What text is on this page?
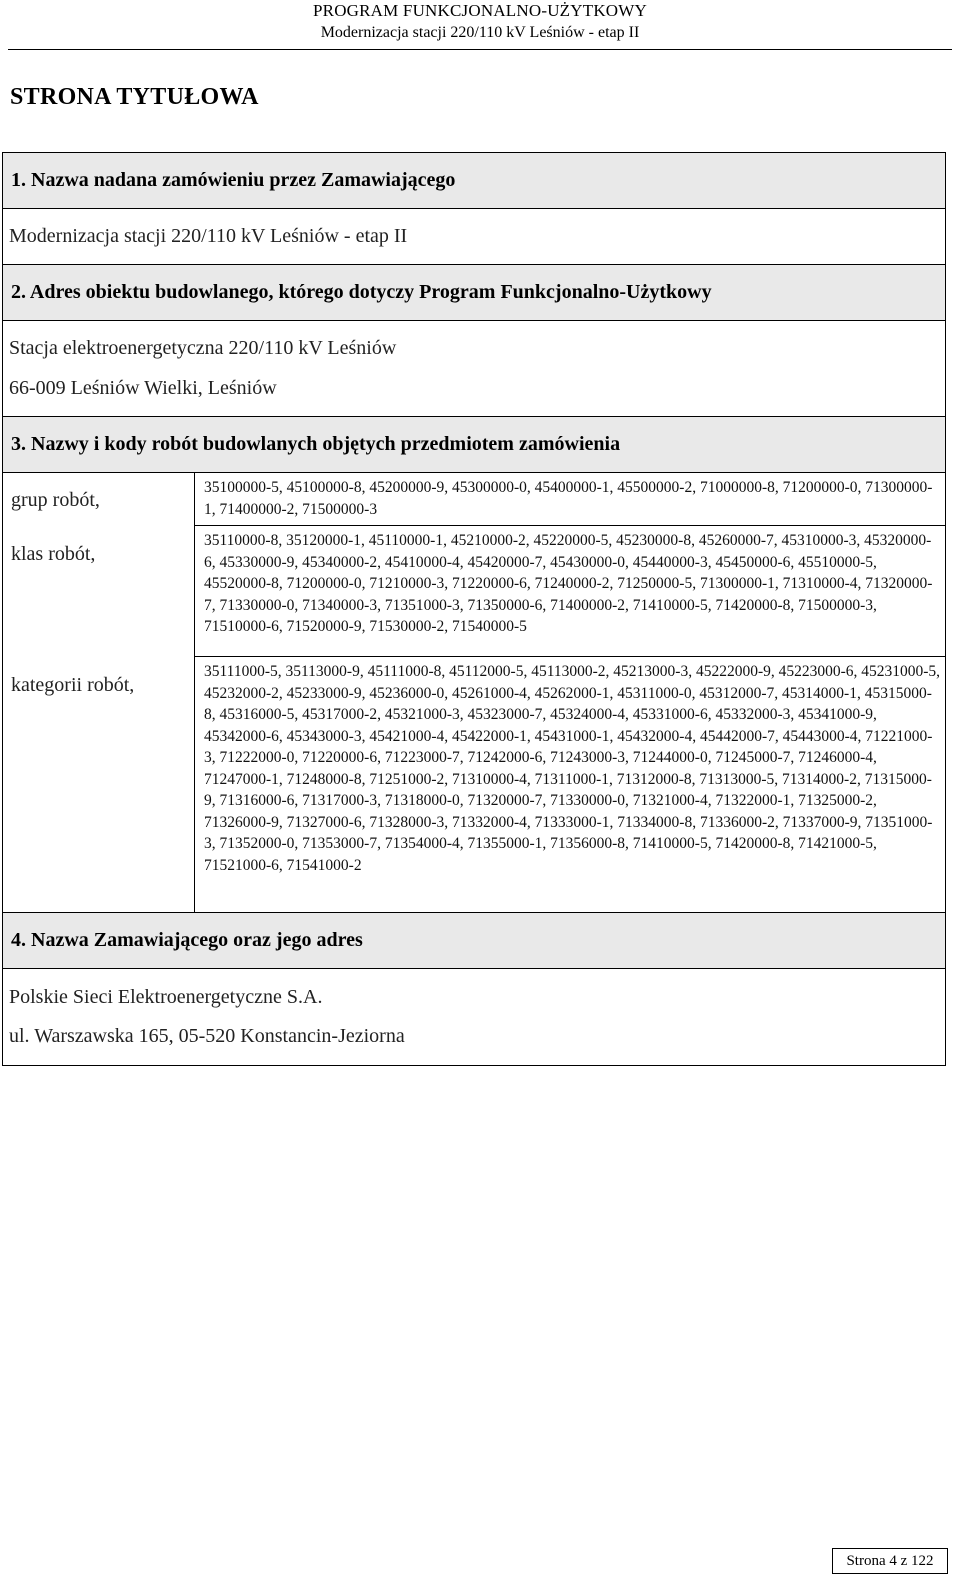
PROGRAM FUNKCJONALNO-UŻYTKOWY
Modernizacja stacji 220/110 kV Leśniów - etap II
STRONA TYTUŁOWA
1. Nazwa nadana zamówieniu przez Zamawiającego
Modernizacja stacji 220/110 kV Leśniów - etap II
2. Adres obiektu budowlanego, którego dotyczy Program Funkcjonalno-Użytkowy
Stacja elektroenergetyczna 220/110 kV Leśniów
66-009 Leśniów Wielki, Leśniów
3. Nazwy i kody robót budowlanych objętych przedmiotem zamówienia
grup robót,
klas robót,
kategorii robót,
35100000-5, 45100000-8, 45200000-9, 45300000-0, 45400000-1, 45500000-2, 71000000-8, 71200000-0, 71300000-1, 71400000-2, 71500000-3
35110000-8, 35120000-1, 45110000-1, 45210000-2, 45220000-5, 45230000-8, 45260000-7, 45310000-3, 45320000-6, 45330000-9, 45340000-2, 45410000-4, 45420000-7, 45430000-0, 45440000-3, 45450000-6, 45510000-5, 45520000-8, 71200000-0, 71210000-3, 71220000-6, 71240000-2, 71250000-5, 71300000-1, 71310000-4, 71320000-7, 71330000-0, 71340000-3, 71351000-3, 71350000-6, 71400000-2, 71410000-5, 71420000-8, 71500000-3, 71510000-6, 71520000-9, 71530000-2, 71540000-5
35111000-5, 35113000-9, 45111000-8, 45112000-5, 45113000-2, 45213000-3, 45222000-9, 45223000-6, 45231000-5, 45232000-2, 45233000-9, 45236000-0, 45261000-4, 45262000-1, 45311000-0, 45312000-7, 45314000-1, 45315000-8, 45316000-5, 45317000-2, 45321000-3, 45323000-7, 45324000-4, 45331000-6, 45332000-3, 45341000-9, 45342000-6, 45343000-3, 45421000-4, 45422000-1, 45431000-1, 45432000-4, 45442000-7, 45443000-4, 71221000-3, 71222000-0, 71220000-6, 71223000-7, 71242000-6, 71243000-3, 71244000-0, 71245000-7, 71246000-4, 71247000-1, 71248000-8, 71251000-2, 71310000-4, 71311000-1, 71312000-8, 71313000-5, 71314000-2, 71315000-9, 71316000-6, 71317000-3, 71318000-0, 71320000-7, 71330000-0, 71321000-4, 71322000-1, 71325000-2, 71326000-9, 71327000-6, 71328000-3, 71332000-4, 71333000-1, 71334000-8, 71336000-2, 71337000-9, 71351000-3, 71352000-0, 71353000-7, 71354000-4, 71355000-1, 71356000-8, 71410000-5, 71420000-8, 71421000-5, 71521000-6, 71541000-2
4. Nazwa Zamawiającego oraz jego adres
Polskie Sieci Elektroenergetyczne S.A.
ul. Warszawska 165, 05-520 Konstancin-Jeziorna
Strona 4 z 122
